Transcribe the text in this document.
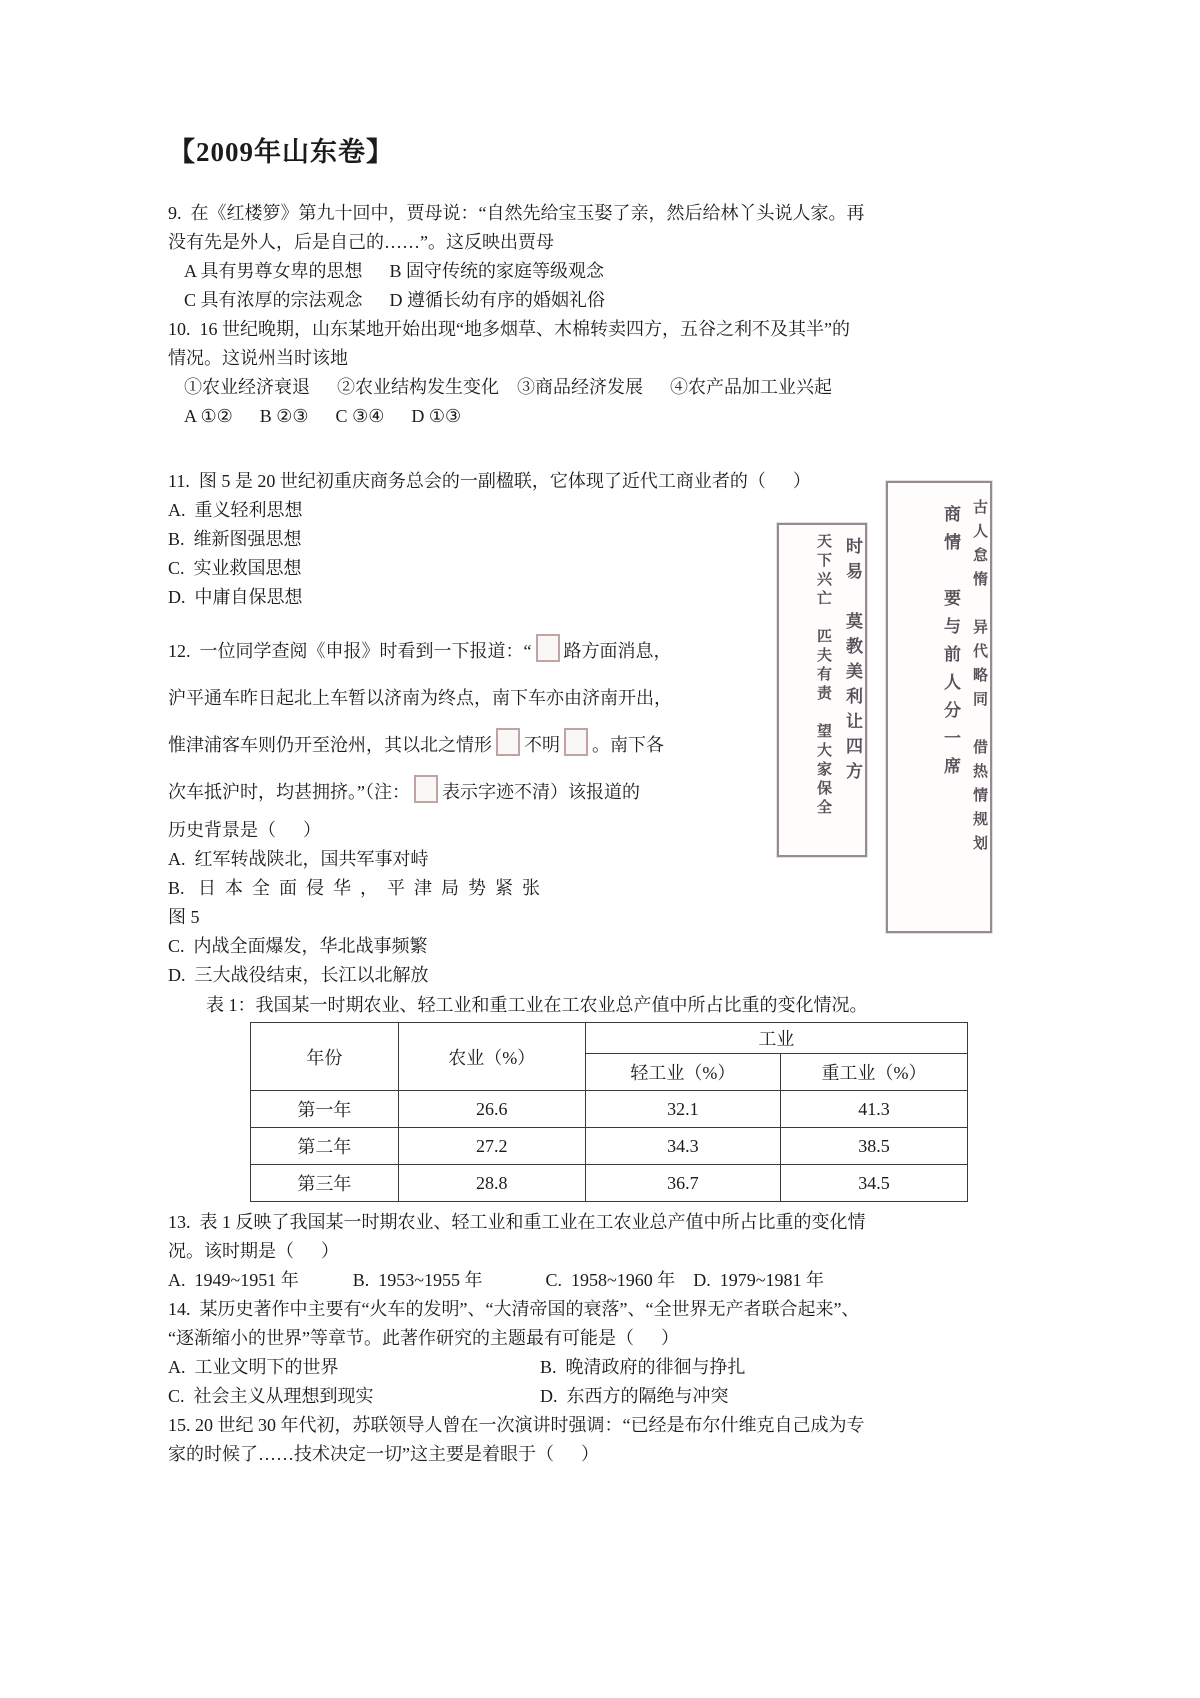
【2009年山东卷】
9.  在《红楼箩》第九十回中，贾母说：“自然先给宝玉娶了亲，然后给林丫头说人家。再
没有先是外人，后是自己的……”。这反映出贾母
A 具有男尊女卑的思想      B 固守传统的家庭等级观念
C 具有浓厚的宗法观念      D 遵循长幼有序的婚姻礼俗
10.  16 世纪晚期，山东某地开始出现“地多烟草、木棉转卖四方，五谷之利不及其半”的
情况。这说州当时该地
①农业经济衰退      ②农业结构发生变化    ③商品经济发展      ④农产品加工业兴起
A ①②      B ②③      C ③④      D ①③
11.  图 5 是 20 世纪初重庆商务总会的一副楹联，它体现了近代工商业者的（      ）
A.  重义轻利思想
B.  维新图强思想
C.  实业救国思想
D.  中庸自保思想
12.  一位同学查阅《申报》时看到一下报道：“ 路方面消息，
沪平通车昨日起北上车暂以济南为终点，南下车亦由济南开出，
惟津浦客车则仍开至沧州，其以北之情形 不明 。南下各
次车抵沪时，均甚拥挤。”（注： 表示字迹不清）该报道的
历史背景是（      ）
A.  红军转战陕北，国共军事对峙
B.   日  本  全  面  侵  华  ，  平  津  局  势  紧  张
图 5
C.  内战全面爆发，华北战事频繁
D.  三大战役结束，长江以北解放
表 1：我国某一时期农业、轻工业和重工业在工农业总产值中所占比重的变化情况。
年份	农业（%）	工业	
		轻工业（%）	重工业（%）
第一年	26.6	32.1	41.3
第二年	27.2	34.3	38.5
第三年	28.8	36.7	34.5
13.  表 1 反映了我国某一时期农业、轻工业和重工业在工农业总产值中所占比重的变化情
况。该时期是（      ）
A.  1949~1951 年            B.  1953~1955 年              C.  1958~1960 年    D.  1979~1981 年
14.  某历史著作中主要有“火车的发明”、“大清帝国的衰落”、“全世界无产者联合起来”、
“逐渐缩小的世界”等章节。此著作研究的主题最有可能是（      ）
A.  工业文明下的世界	B.  晚清政府的徘徊与挣扎
C.  社会主义从理想到现实	D.  东西方的隔绝与冲突
15. 20 世纪 30 年代初，苏联领导人曾在一次演讲时强调：“已经是布尔什维克自己成为专
家的时候了……技术决定一切”这主要是着眼于（      ）
时易　莫教美利让四方
天下兴亡　匹夫有责　望大家保全	古人怠惰　异代略同　借热情规划
商情　要与前人分一席
